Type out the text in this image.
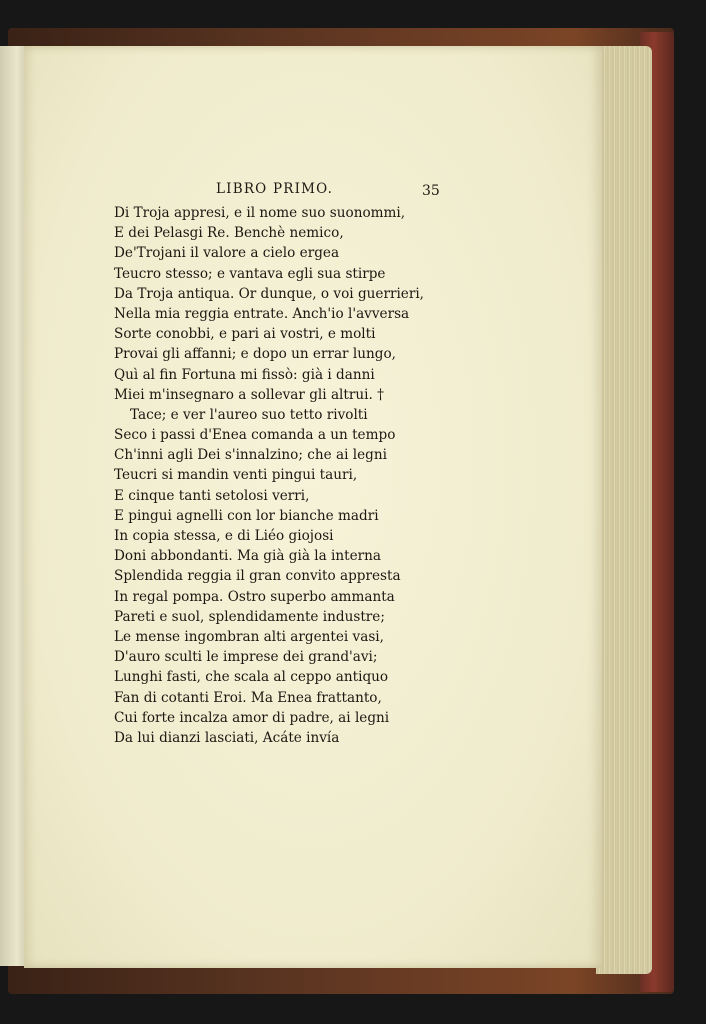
LIBRO PRIMO.	35
Di Troja appresi, e il nome suo suonommi,
E dei Pelasgi Re. Benchè nemico,
De'Trojani il valore a cielo ergea
Teucro stesso; e vantava egli sua stirpe
Da Troja antiqua. Or dunque, o voi guerrieri,
Nella mia reggia entrate. Anch'io l'avversa
Sorte conobbi, e pari ai vostri, e molti
Provai gli affanni; e dopo un errar lungo,
Quì al fin Fortuna mi fissò: già i danni
Miei m'insegnaro a sollevar gli altrui. †
Tace; e ver l'aureo suo tetto rivolti
Seco i passi d'Enea comanda a un tempo
Ch'inni agli Dei s'innalzino; che ai legni
Teucri si mandin venti pingui tauri,
E cinque tanti setolosi verri,
E pingui agnelli con lor bianche madri
In copia stessa, e di Liéo giojosi
Doni abbondanti. Ma già già la interna
Splendida reggia il gran convito appresta
In regal pompa. Ostro superbo ammanta
Pareti e suol, splendidamente industre;
Le mense ingombran alti argentei vasi,
D'auro sculti le imprese dei grand'avi;
Lunghi fasti, che scala al ceppo antiquo
Fan di cotanti Eroi. Ma Enea frattanto,
Cui forte incalza amor di padre, ai legni
Da lui dianzi lasciati, Acáte invía
